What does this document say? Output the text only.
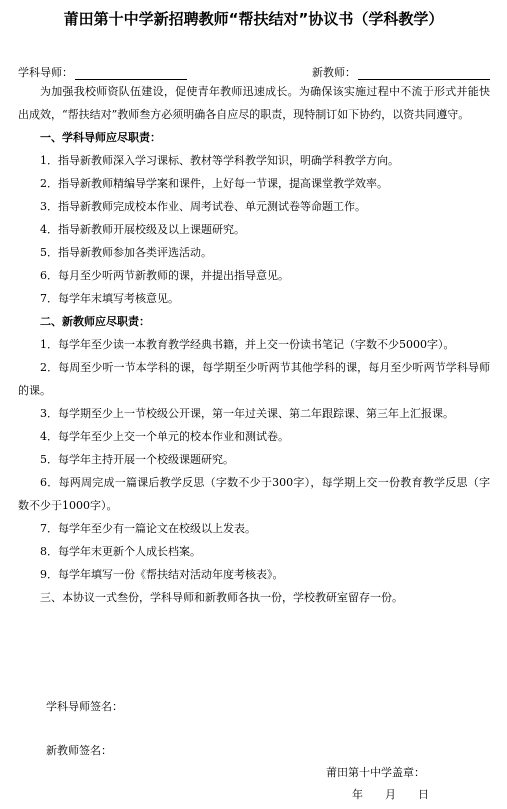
莆田第十中学新招聘教师“帮扶结对”协议书（学科教学）
学科导师：	新教师：

为加强我校师资队伍建设，促使青年教师迅速成长。为确保该实施过程中不流于形式并能快出成效，“帮扶结对”教师叁方必须明确各自应尽的职责，现特制订如下协约，以资共同遵守。

一、学科导师应尽职责：
1．指导新教师深入学习课标、教材等学科教学知识，明确学科教学方向。
2．指导新教师精编导学案和课件，上好每一节课，提高课堂教学效率。
3．指导新教师完成校本作业、周考试卷、单元测试卷等命题工作。
4．指导新教师开展校级及以上课题研究。
5．指导新教师参加各类评选活动。
6．每月至少听两节新教师的课，并提出指导意见。
7．每学年末填写考核意见。
二、新教师应尽职责：
1．每学年至少读一本教育教学经典书籍，并上交一份读书笔记（字数不少5000字）。
2．每周至少听一节本学科的课，每学期至少听两节其他学科的课，每月至少听两节学科导师的课。
3．每学期至少上一节校级公开课，第一年过关课、第二年跟踪课、第三年上汇报课。
4．每学年至少上交一个单元的校本作业和测试卷。
5．每学年主持开展一个校级课题研究。
6．每两周完成一篇课后教学反思（字数不少于300字），每学期上交一份教育教学反思（字数不少于1000字）。
7．每学年至少有一篇论文在校级以上发表。
8．每学年末更新个人成长档案。
9．每学年填写一份《帮扶结对活动年度考核表》。
三、本协议一式叁份，学科导师和新教师各执一份，学校教研室留存一份。
学科导师签名：
新教师签名：
莆田第十中学盖章：
年　　月　　日
